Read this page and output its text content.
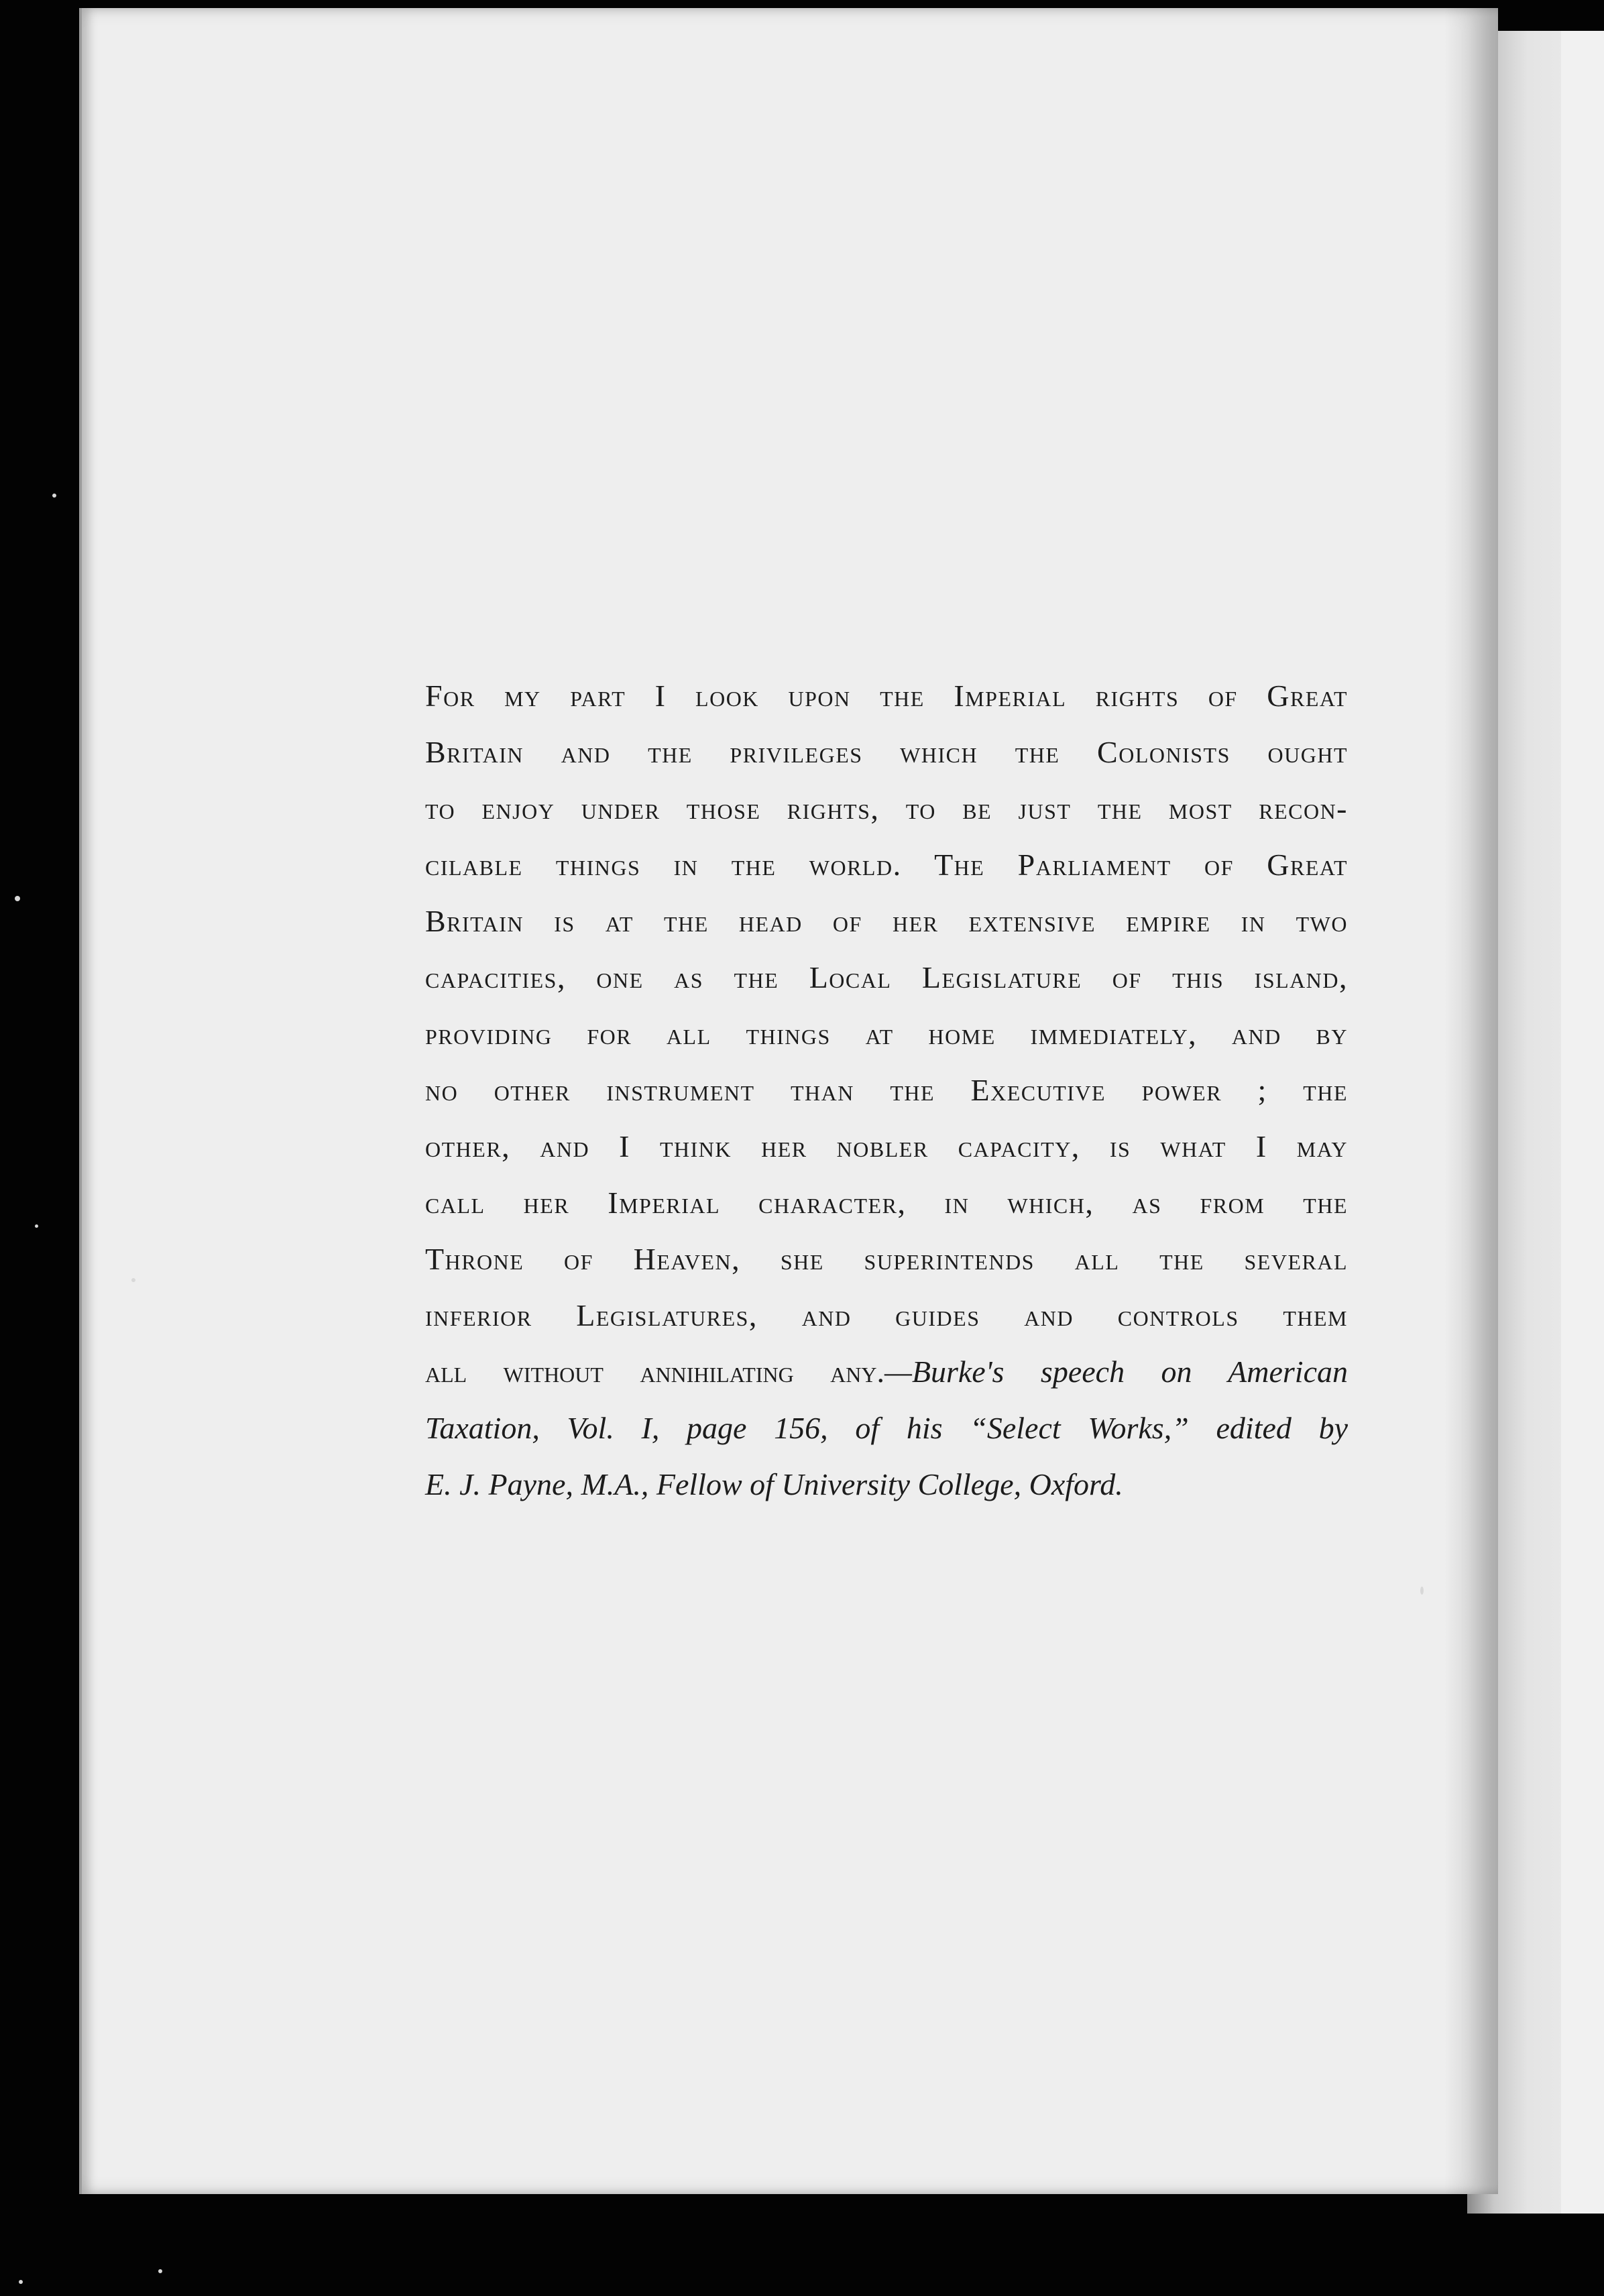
For my part I look upon the Imperial rights of Great
Britain and the privileges which the Colonists ought
to enjoy under those rights, to be just the most recon-
cilable things in the world. The Parliament of Great
Britain is at the head of her extensive empire in two
capacities, one as the Local Legislature of this island,
providing for all things at home immediately, and by
no other instrument than the Executive power ; the
other, and I think her nobler capacity, is what I may
call her Imperial character, in which, as from the
Throne of Heaven, she superintends all the several
inferior Legislatures, and guides and controls them
all without annihilating any.—Burke's speech on American
Taxation, Vol. I, page 156, of his “Select Works,” edited by
E. J. Payne, M.A., Fellow of University College, Oxford.
